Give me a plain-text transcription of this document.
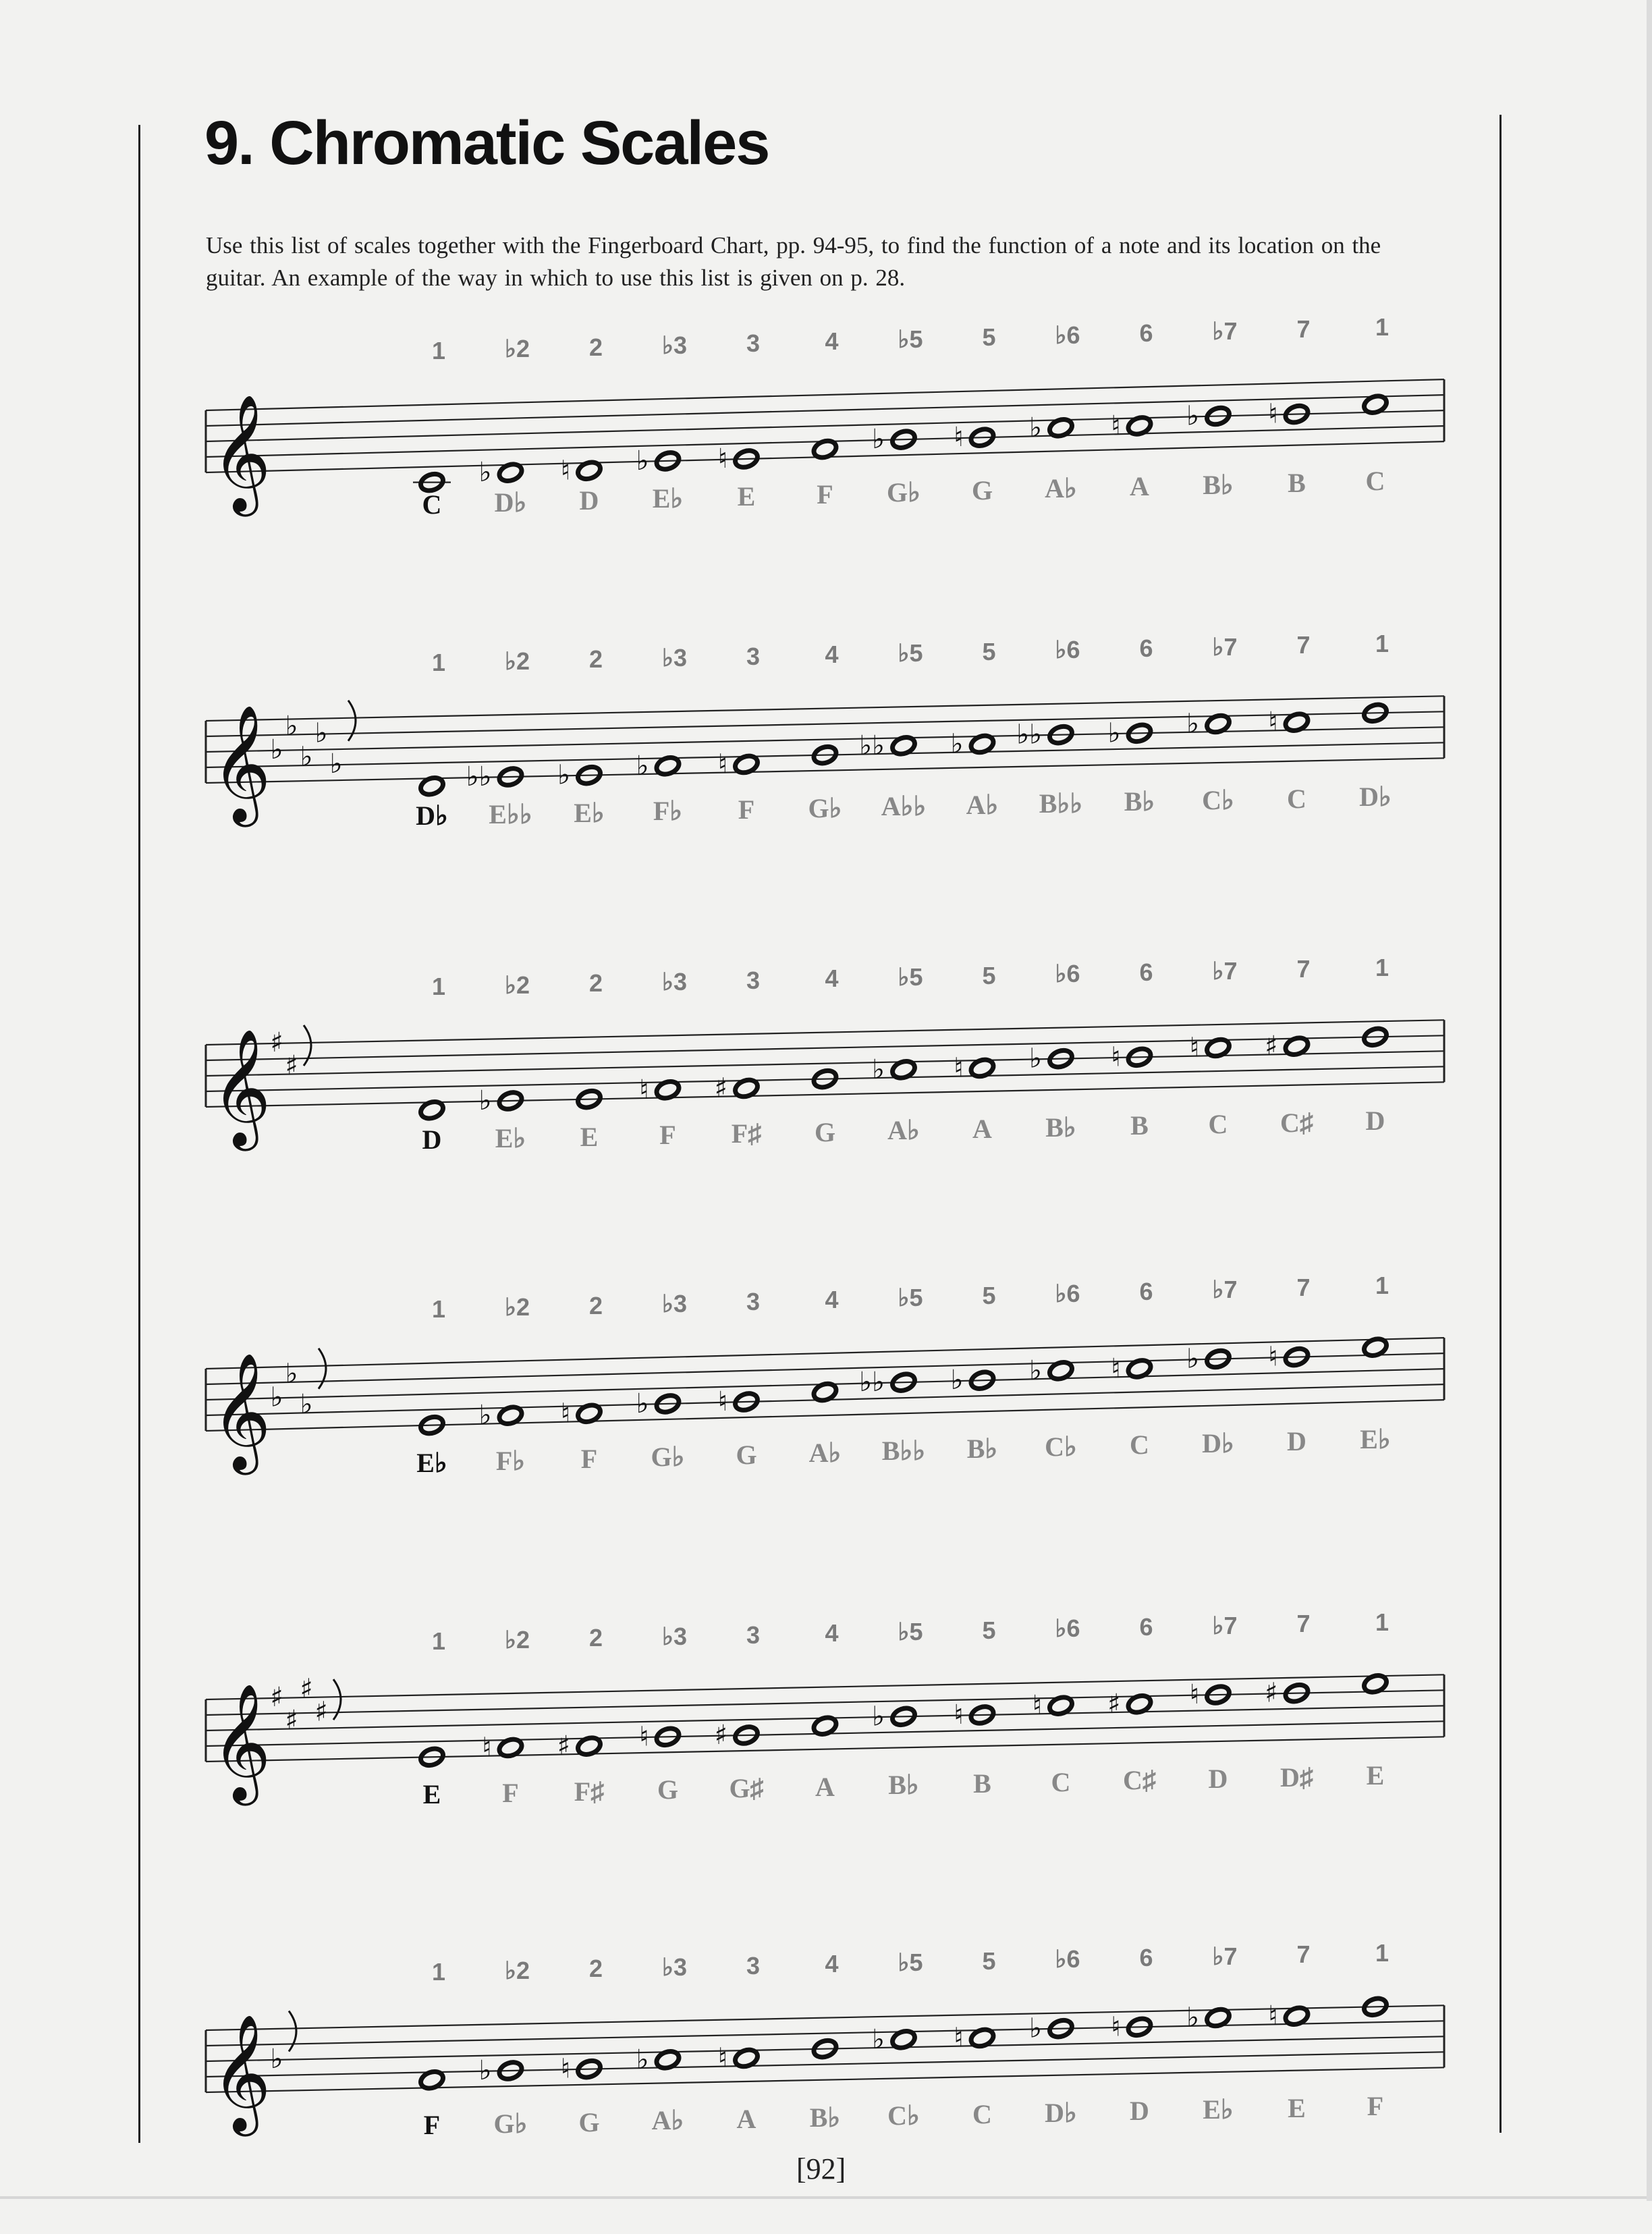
9. Chromatic Scales
Use this list of scales together with the Fingerboard Chart, pp. 94-95, to find the function of a note and its location on the guitar. An example of the way in which to use this list is given on p. 28.
1 ♭2 2 ♭3 3	4 ♭5 5 ♭6 6 ♭7 7	1
𝄞	♭	♮ ♭	♮
♭	♮ ♭	♮ ♭	♮
C D♭ D E♭ E F G♭ G A♭ A B♭ B C
1 ♭2 2 ♭3 3	4 ♭5 5 ♭6 6 ♭7 7	1
𝄞
♭
♭
♭
♭
♭	♭♭ ♭ ♭	♮
♭♭ ♭ ♭♭ ♭ ♭	♮
D♭ E♭♭ E♭ F♭ F G♭ A♭♭ A♭ B♭♭ B♭ C♭ C D♭
1 ♭2 2 ♭3 3	4 ♭5 5 ♭6 6 ♭7 7	1
𝄞
♯
♯
♭	♮ ♯
♭	♮ ♭	♮	♮ ♯
D E♭ E F F♯ G A♭ A B♭ B C C♯ D
1 ♭2 2 ♭3 3	4 ♭5 5 ♭6 6 ♭7 7	1
𝄞
♭
♭
♭	♭	♮ ♭	♮
♭♭ ♭ ♭	♮ ♭	♮
E♭ F♭ F G♭ G A♭ B♭♭ B♭ C♭ C D♭ D E♭
1 ♭2 2 ♭3 3	4 ♭5 5 ♭6 6 ♭7 7	1
𝄞
♯
♯
♯
♯
♮ ♯	♮ ♯
♭	♮	♮ ♯	♮ ♯
E F F♯ G G♯ A B♭ B C C♯ D D♯ E
1 ♭2 2 ♭3 3	4 ♭5 5 ♭6 6 ♭7 7	1
𝄞
♭	♭	♮ ♭	♮
♭	♮ ♭	♮ ♭	♮
F G♭ G A♭ A B♭ C♭ C D♭ D E♭ E F
[92]
